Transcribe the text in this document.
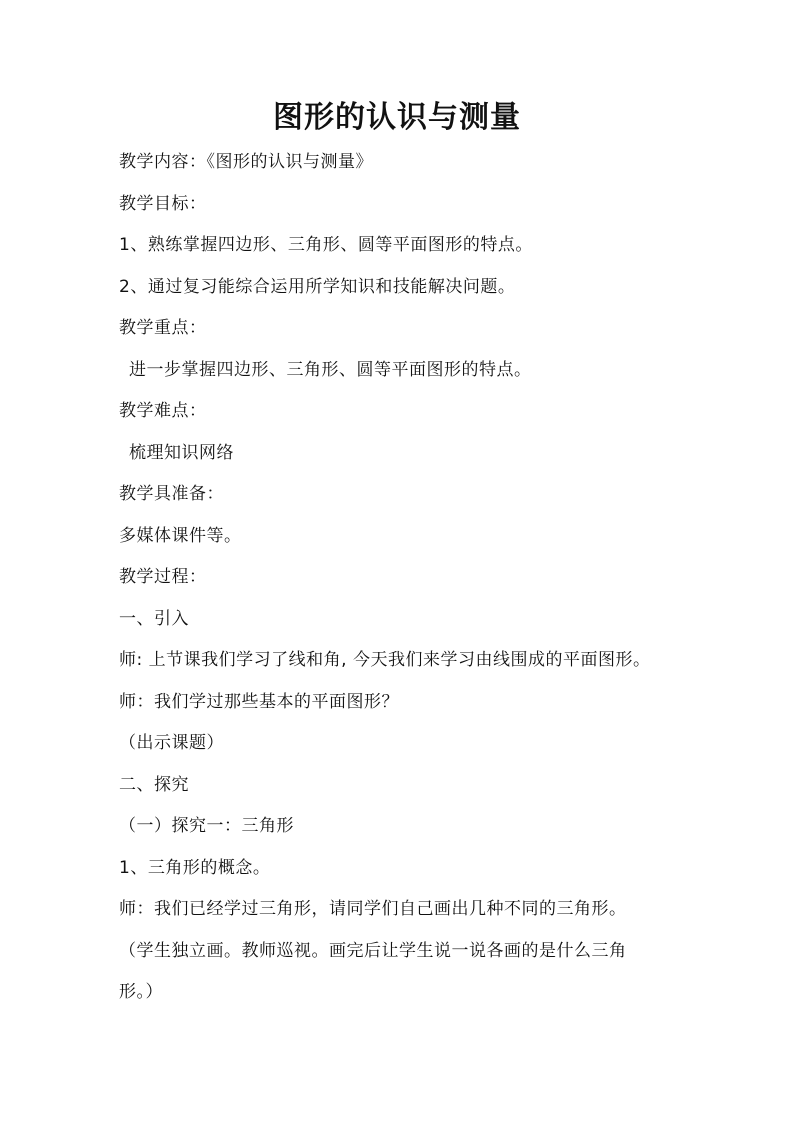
图形的认识与测量
教学内容：《图形的认识与测量》
教学目标：
1、熟练掌握四边形、三角形、圆等平面图形的特点。
2、通过复习能综合运用所学知识和技能解决问题。
教学重点：
进一步掌握四边形、三角形、圆等平面图形的特点。
教学难点：
梳理知识网络
教学具准备：
多媒体课件等。
教学过程：
一、引入
师: 上节课我们学习了线和角, 今天我们来学习由线围成的平面图形。
师：我们学过那些基本的平面图形？
（出示课题）
二、探究
（一）探究一：三角形
1、三角形的概念。
师：我们已经学过三角形，请同学们自己画出几种不同的三角形。
（学生独立画。教师巡视。画完后让学生说一说各画的是什么三角
形。）
